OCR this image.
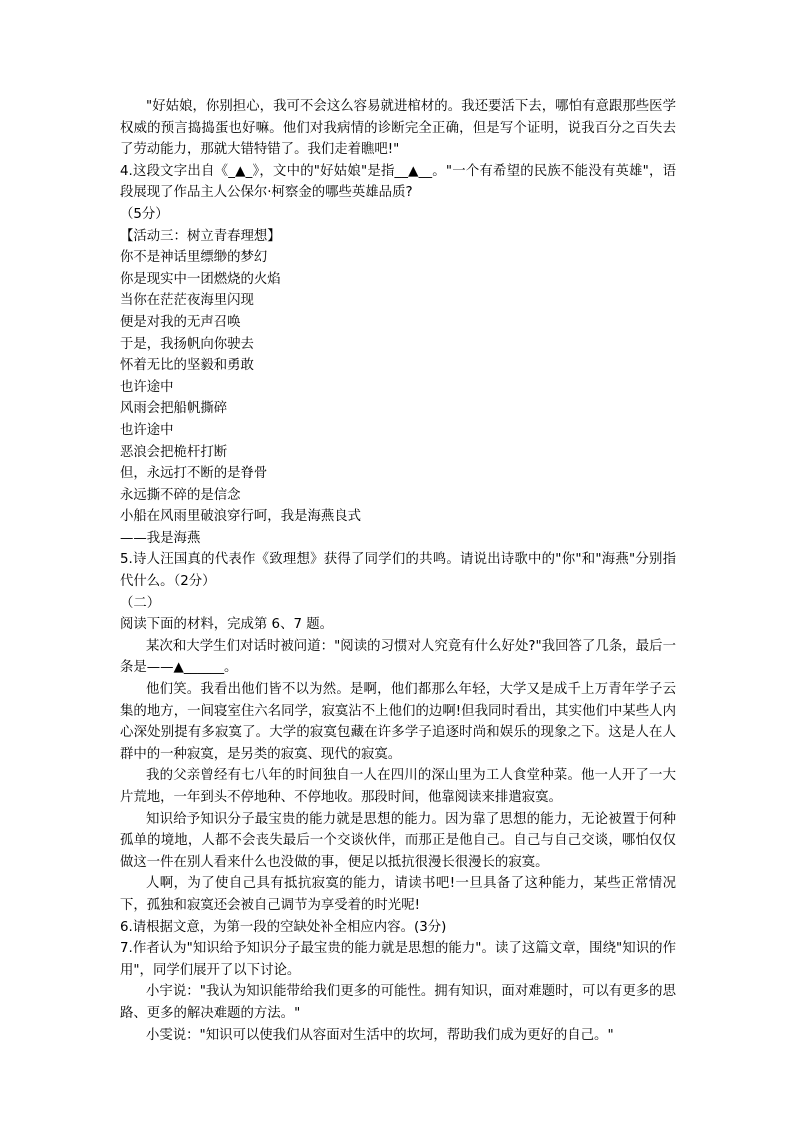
"好姑娘，你别担心，我可不会这么容易就进棺材的。我还要活下去，哪怕有意跟那些医学权威的预言捣捣蛋也好嘛。他们对我病情的诊断完全正确，但是写个证明，说我百分之百失去了劳动能力，那就大错特错了。我们走着瞧吧!"

4.这段文字出自《_▲_》，文中的"好姑娘"是指__▲__。"一个有希望的民族不能没有英雄"，语段展现了作品主人公保尔·柯察金的哪些英雄品质?

（5分）

【活动三：树立青春理想】

你不是神话里缥缈的梦幻

你是现实中一团燃烧的火焰

当你在茫茫夜海里闪现

便是对我的无声召唤

于是，我扬帆向你驶去

怀着无比的坚毅和勇敢

也许途中

风雨会把船帆撕碎

也许途中

恶浪会把桅杆打断

但，永远打不断的是脊骨

永远撕不碎的是信念

小船在风雨里破浪穿行呵，我是海燕良式

——我是海燕

5.诗人汪国真的代表作《致理想》获得了同学们的共鸣。请说出诗歌中的"你"和"海燕"分别指代什么。（2分）

（二）

阅读下面的材料，完成第 6、7 题。

某次和大学生们对话时被问道："阅读的习惯对人究竟有什么好处?"我回答了几条，最后一条是——▲______。

他们笑。我看出他们皆不以为然。是啊，他们都那么年轻，大学又是成千上万青年学子云集的地方，一间寝室住六名同学，寂寞沾不上他们的边啊!但我同时看出，其实他们中某些人内心深处别提有多寂寞了。大学的寂寞包藏在许多学子追逐时尚和娱乐的现象之下。这是人在人群中的一种寂寞，是另类的寂寞、现代的寂寞。

我的父亲曾经有七八年的时间独自一人在四川的深山里为工人食堂种菜。他一人开了一大片荒地，一年到头不停地种、不停地收。那段时间，他靠阅读来排遣寂寞。

知识给予知识分子最宝贵的能力就是思想的能力。因为靠了思想的能力，无论被置于何种孤单的境地，人都不会丧失最后一个交谈伙伴，而那正是他自己。自己与自己交谈，哪怕仅仅做这一件在别人看来什么也没做的事，便足以抵抗很漫长很漫长的寂寞。

人啊，为了使自己具有抵抗寂寞的能力，请读书吧!一旦具备了这种能力，某些正常情况下，孤独和寂寞还会被自己调节为享受着的时光呢!

6.请根据文意，为第一段的空缺处补全相应内容。(3分)

7.作者认为"知识给予知识分子最宝贵的能力就是思想的能力"。读了这篇文章，围绕"知识的作用"，同学们展开了以下讨论。

小宇说："我认为知识能带给我们更多的可能性。拥有知识，面对难题时，可以有更多的思路、更多的解决难题的方法。"

小雯说："知识可以使我们从容面对生活中的坎坷，帮助我们成为更好的自己。"
